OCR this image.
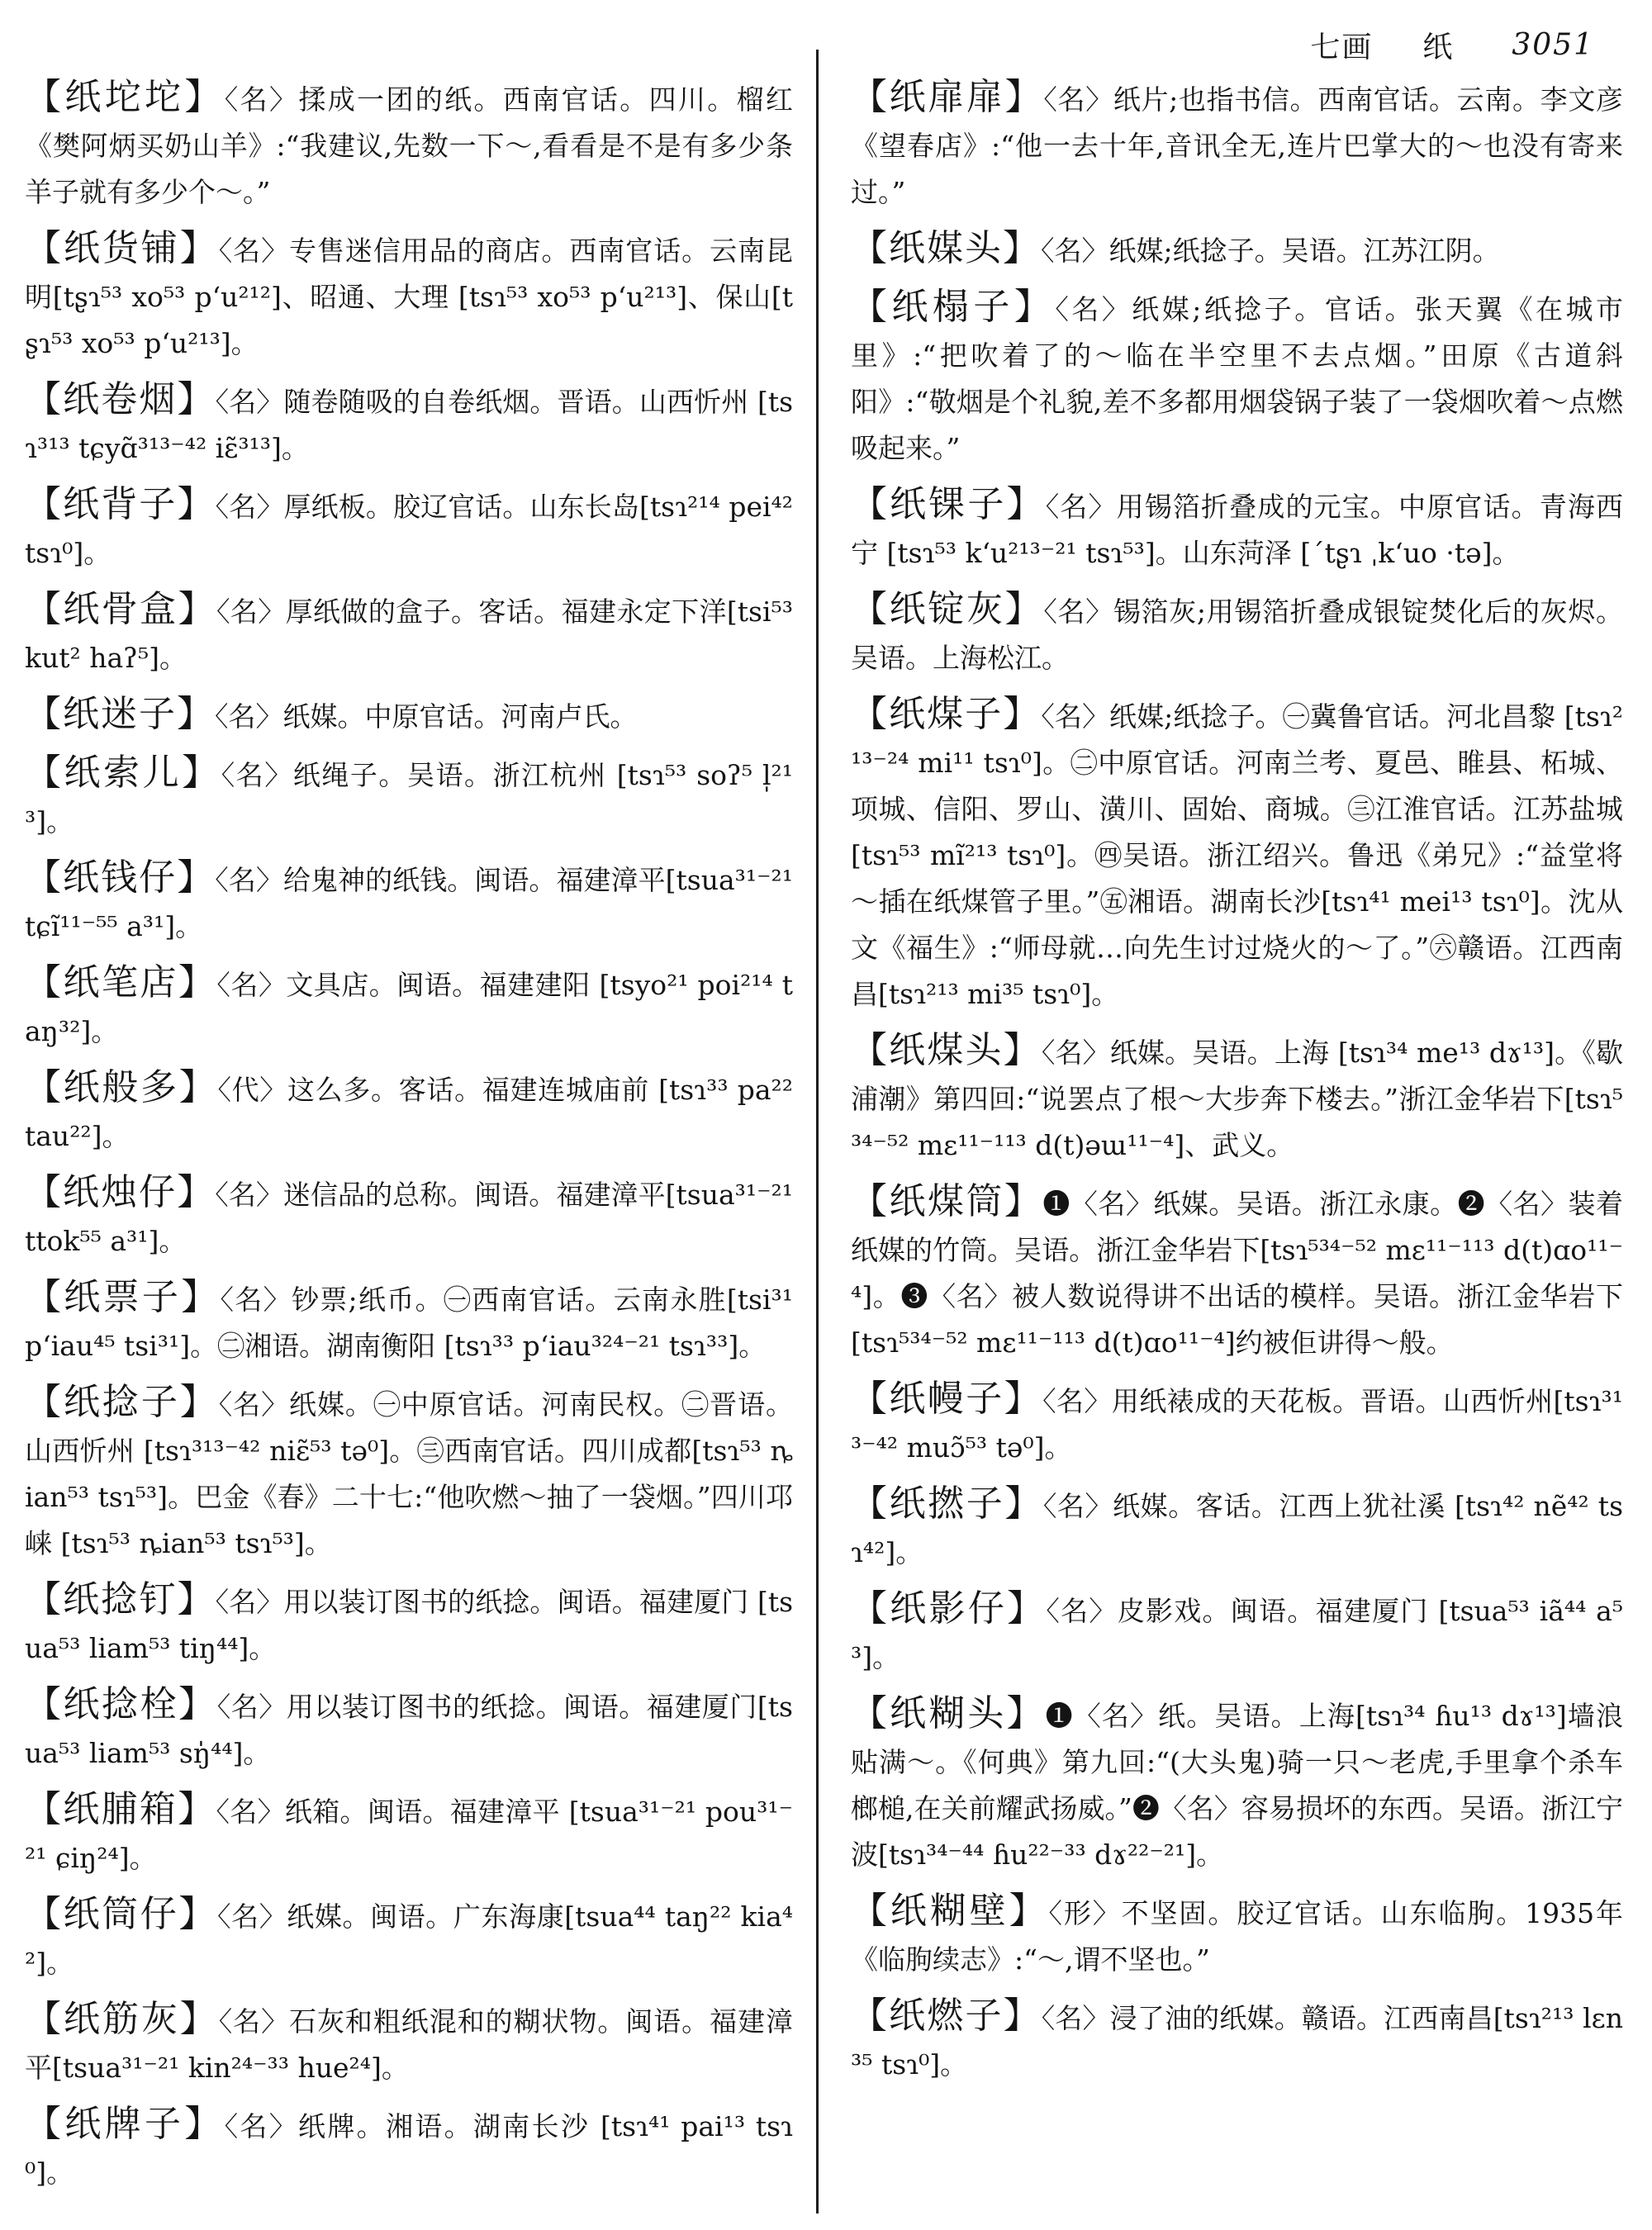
七画 纸 3051
【纸坨坨】〈名〉揉成一团的纸。西南官话。四川。榴红《樊阿炳买奶山羊》:“我建议,先数一下～,看看是不是有多少条羊子就有多少个～。”
【纸货铺】〈名〉专售迷信用品的商店。西南官话。云南昆明[tʂɿ⁵³ xo⁵³ pʻu²¹²]、昭通、大理 [tsɿ⁵³ xo⁵³ pʻu²¹³]、保山[tʂɿ⁵³ xo⁵³ pʻu²¹³]。
【纸卷烟】〈名〉随卷随吸的自卷纸烟。晋语。山西忻州 [tsɿ³¹³ tɕyɑ̃³¹³⁻⁴² iɛ̃³¹³]。
【纸背子】〈名〉厚纸板。胶辽官话。山东长岛[tsɿ²¹⁴ pei⁴² tsɿ⁰]。
【纸骨盒】〈名〉厚纸做的盒子。客话。福建永定下洋[tsi⁵³ kut² haʔ⁵]。
【纸迷子】〈名〉纸媒。中原官话。河南卢氏。
【纸索儿】〈名〉纸绳子。吴语。浙江杭州 [tsɿ⁵³ soʔ⁵ l̩²¹³]。
【纸钱仔】〈名〉给鬼神的纸钱。闽语。福建漳平[tsua³¹⁻²¹ tɕĩ¹¹⁻⁵⁵ a³¹]。
【纸笔店】〈名〉文具店。闽语。福建建阳 [tsyo²¹ poi²¹⁴ taŋ³²]。
【纸般多】〈代〉这么多。客话。福建连城庙前 [tsɿ³³ pa²² tau²²]。
【纸烛仔】〈名〉迷信品的总称。闽语。福建漳平[tsua³¹⁻²¹ ttok⁵⁵ a³¹]。
【纸票子】〈名〉钞票;纸币。㊀西南官话。云南永胜[tsi³¹ pʻiau⁴⁵ tsi³¹]。㊁湘语。湖南衡阳 [tsɿ³³ pʻiau³²⁴⁻²¹ tsɿ³³]。
【纸捻子】〈名〉纸媒。㊀中原官话。河南民权。㊁晋语。山西忻州 [tsɿ³¹³⁻⁴² niɛ̃⁵³ tə⁰]。㊂西南官话。四川成都[tsɿ⁵³ ȵian⁵³ tsɿ⁵³]。巴金《春》二十七:“他吹燃～抽了一袋烟。”四川邛崃 [tsɿ⁵³ ȵian⁵³ tsɿ⁵³]。
【纸捻钉】〈名〉用以装订图书的纸捻。闽语。福建厦门 [tsua⁵³ liam⁵³ tiŋ⁴⁴]。
【纸捻栓】〈名〉用以装订图书的纸捻。闽语。福建厦门[tsua⁵³ liam⁵³ sŋ̍⁴⁴]。
【纸脯箱】〈名〉纸箱。闽语。福建漳平 [tsua³¹⁻²¹ pou³¹⁻²¹ ɕiŋ²⁴]。
【纸筒仔】〈名〉纸媒。闽语。广东海康[tsua⁴⁴ taŋ²² kia⁴²]。
【纸筋灰】〈名〉石灰和粗纸混和的糊状物。闽语。福建漳平[tsua³¹⁻²¹ kin²⁴⁻³³ hue²⁴]。
【纸牌子】〈名〉纸牌。湘语。湖南长沙 [tsɿ⁴¹ pai¹³ tsɿ⁰]。
【纸扉扉】〈名〉纸片;也指书信。西南官话。云南。李文彦《望春店》:“他一去十年,音讯全无,连片巴掌大的～也没有寄来过。”
【纸媒头】〈名〉纸媒;纸捻子。吴语。江苏江阴。
【纸榻子】〈名〉纸媒;纸捻子。官话。张天翼《在城市里》:“把吹着了的～临在半空里不去点烟。”田原《古道斜阳》:“敬烟是个礼貌,差不多都用烟袋锅子装了一袋烟吹着～点燃吸起来。”
【纸锞子】〈名〉用锡箔折叠成的元宝。中原官话。青海西宁 [tsɿ⁵³ kʻu²¹³⁻²¹ tsɿ⁵³]。山东菏泽 [ˊtʂɿ ˌkʻuo ·tə]。
【纸锭灰】〈名〉锡箔灰;用锡箔折叠成银锭焚化后的灰烬。吴语。上海松江。
【纸煤子】〈名〉纸媒;纸捻子。㊀冀鲁官话。河北昌黎 [tsɿ²¹³⁻²⁴ mi¹¹ tsɿ⁰]。㊁中原官话。河南兰考、夏邑、睢县、柘城、项城、信阳、罗山、潢川、固始、商城。㊂江淮官话。江苏盐城[tsɿ⁵³ mĩ²¹³ tsɿ⁰]。㊃吴语。浙江绍兴。鲁迅《弟兄》:“益堂将～插在纸煤管子里。”㊄湘语。湖南长沙[tsɿ⁴¹ mei¹³ tsɿ⁰]。沈从文《福生》:“师母就…向先生讨过烧火的～了。”㊅赣语。江西南昌[tsɿ²¹³ mi³⁵ tsɿ⁰]。
【纸煤头】〈名〉纸媒。吴语。上海 [tsɿ³⁴ me¹³ dɤ¹³]。《歇浦潮》第四回:“说罢点了根～大步奔下楼去。”浙江金华岩下[tsɿ⁵³⁴⁻⁵² mɛ¹¹⁻¹¹³ d(t)əɯ¹¹⁻⁴]、武义。
【纸煤筒】❶〈名〉纸媒。吴语。浙江永康。❷〈名〉装着纸媒的竹筒。吴语。浙江金华岩下[tsɿ⁵³⁴⁻⁵² mɛ¹¹⁻¹¹³ d(t)ɑo¹¹⁻⁴]。❸〈名〉被人数说得讲不出话的模样。吴语。浙江金华岩下 [tsɿ⁵³⁴⁻⁵² mɛ¹¹⁻¹¹³ d(t)ɑo¹¹⁻⁴]约被佢讲得～般。
【纸幔子】〈名〉用纸裱成的天花板。晋语。山西忻州[tsɿ³¹³⁻⁴² muɔ̃⁵³ tə⁰]。
【纸撚子】〈名〉纸媒。客话。江西上犹社溪 [tsɿ⁴² nẽ⁴² tsɿ⁴²]。
【纸影仔】〈名〉皮影戏。闽语。福建厦门 [tsua⁵³ iã⁴⁴ a⁵³]。
【纸糊头】❶〈名〉纸。吴语。上海[tsɿ³⁴ ɦu¹³ dɤ¹³]墙浪贴满～。《何典》第九回:“(大头鬼)骑一只～老虎,手里拿个杀车榔槌,在关前耀武扬威。”❷〈名〉容易损坏的东西。吴语。浙江宁波[tsɿ³⁴⁻⁴⁴ ɦu²²⁻³³ dɤ²²⁻²¹]。
【纸糊壁】〈形〉不坚固。胶辽官话。山东临朐。1935年《临朐续志》:“～,谓不坚也。”
【纸燃子】〈名〉浸了油的纸媒。赣语。江西南昌[tsɿ²¹³ lɛn³⁵ tsɿ⁰]。
